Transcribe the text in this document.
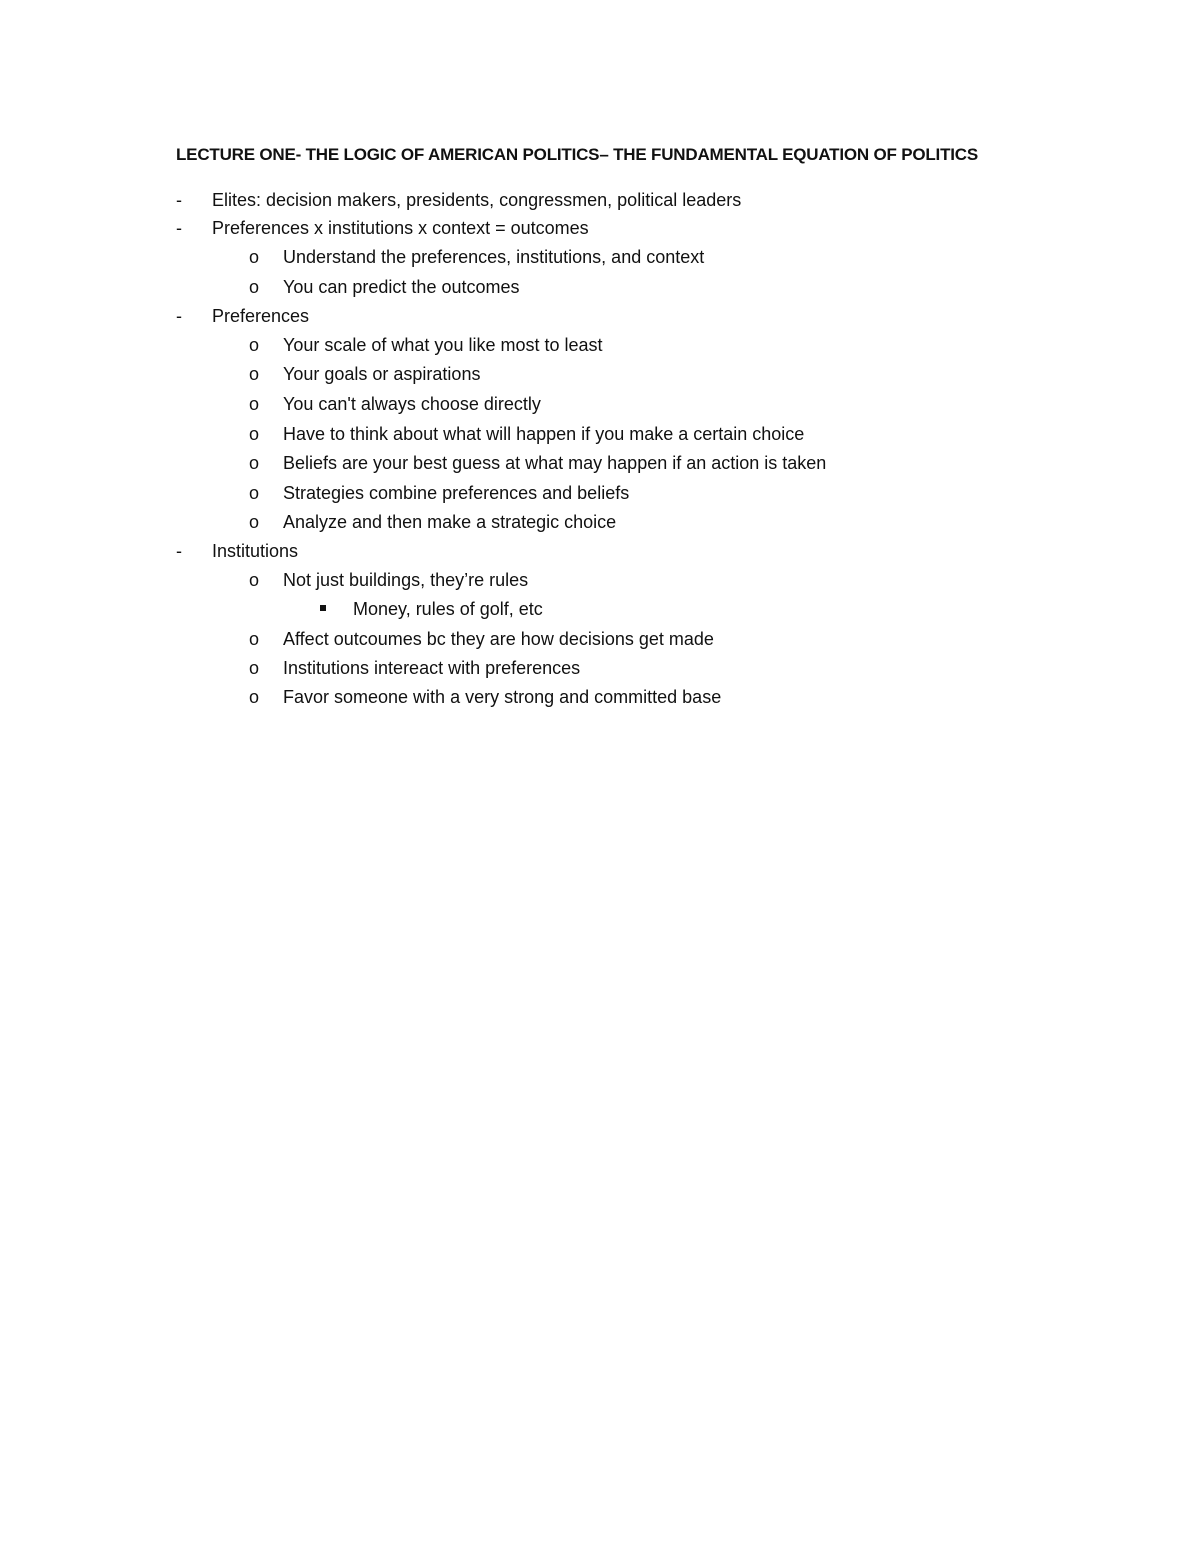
LECTURE ONE- THE LOGIC OF AMERICAN POLITICS– THE FUNDAMENTAL EQUATION OF POLITICS
- Elites: decision makers, presidents, congressmen, political leaders
- Preferences x institutions x context = outcomes
o Understand the preferences, institutions, and context
o You can predict the outcomes
- Preferences
o Your scale of what you like most to least
o Your goals or aspirations
o You can't always choose directly
o Have to think about what will happen if you make a certain choice
o Beliefs are your best guess at what may happen if an action is taken
o Strategies combine preferences and beliefs
o Analyze and then make a strategic choice
- Institutions
o Not just buildings, they’re rules
Money, rules of golf, etc
o Affect outcoumes bc they are how decisions get made
o Institutions intereact with preferences
o Favor someone with a very strong and committed base
